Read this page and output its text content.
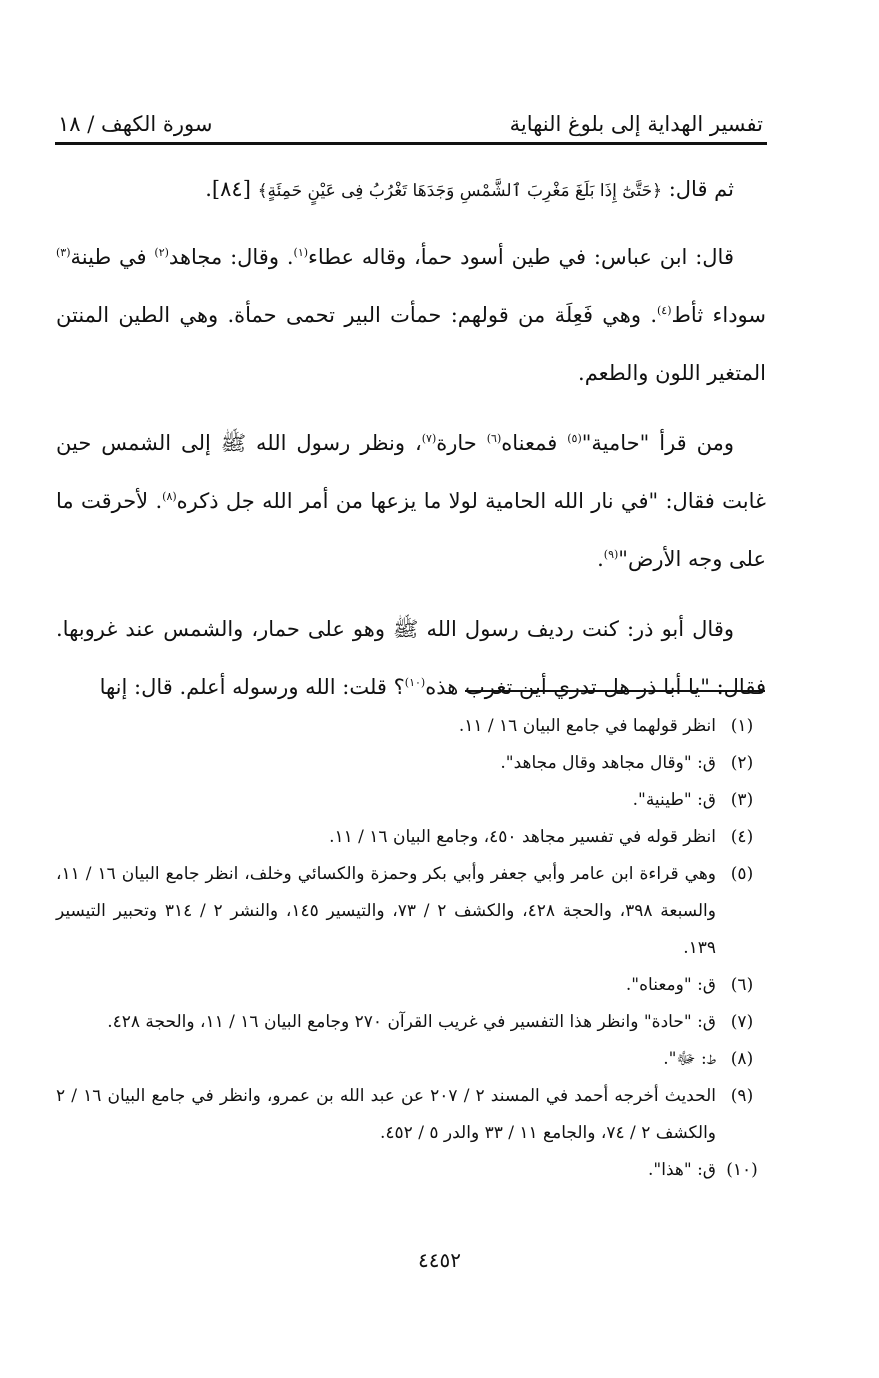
تفسير الهداية إلى بلوغ النهاية
سورة الكهف / ١٨

ثم قال: ﴿حَتَّىٰٓ إِذَا بَلَغَ مَغْرِبَ ٱلشَّمْسِ وَجَدَهَا تَغْرُبُ فِى عَيْنٍ حَمِئَةٍ﴾ [٨٤].

قال: ابن عباس: في طين أسود حمأ، وقاله عطاء$^{(١)}$. وقال: مجاهد$^{(٢)}$ في طينة$^{(٣)}$ سوداء ثأط$^{(٤)}$. وهي فَعِلَة من قولهم: حمأت البير تحمى حمأة. وهي الطين المنتن المتغير اللون والطعم.

ومن قرأ "حامية"$^{(٥)}$ فمعناه$^{(٦)}$ حارة$^{(٧)}$، ونظر رسول الله ﷺ إلى الشمس حين غابت فقال: "في نار الله الحامية لولا ما يزعها من أمر الله جل ذكره$^{(٨)}$. لأحرقت ما على وجه الأرض"$^{(٩)}$.

وقال أبو ذر: كنت رديف رسول الله ﷺ وهو على حمار، والشمس عند غروبها. فقال: "يا أبا ذر هل تدري أين تغرب هذه$^{(١٠)}$؟ قلت: الله ورسوله أعلم. قال: إنها

(١)
انظر قولهما في جامع البيان ١٦ / ١١.
(٢)
ق: "وقال مجاهد وقال مجاهد".
(٣)
ق: "طينية".
(٤)
انظر قوله في تفسير مجاهد ٤٥٠، وجامع البيان ١٦ / ١١.
(٥)
وهي قراءة ابن عامر وأبي جعفر وأبي بكر وحمزة والكسائي وخلف، انظر جامع البيان ١٦ / ١١، والسبعة ٣٩٨، والحجة ٤٢٨، والكشف ٢ / ٧٣، والتيسير ١٤٥، والنشر ٢ / ٣١٤ وتحبير التيسير ١٣٩.
(٦)
ق: "ومعناه".
(٧)
ق: "حادة" وانظر هذا التفسير في غريب القرآن ٢٧٠ وجامع البيان ١٦ / ١١، والحجة ٤٢٨.
(٨)
ط: ﷻ".
(٩)
الحديث أخرجه أحمد في المسند ٢ / ٢٠٧ عن عبد الله بن عمرو، وانظر في جامع البيان ١٦ / ٢ والكشف ٢ / ٧٤، والجامع ١١ / ٣٣ والدر ٥ / ٤٥٢.
(١٠)
ق: "هذا".
٤٤٥٢
